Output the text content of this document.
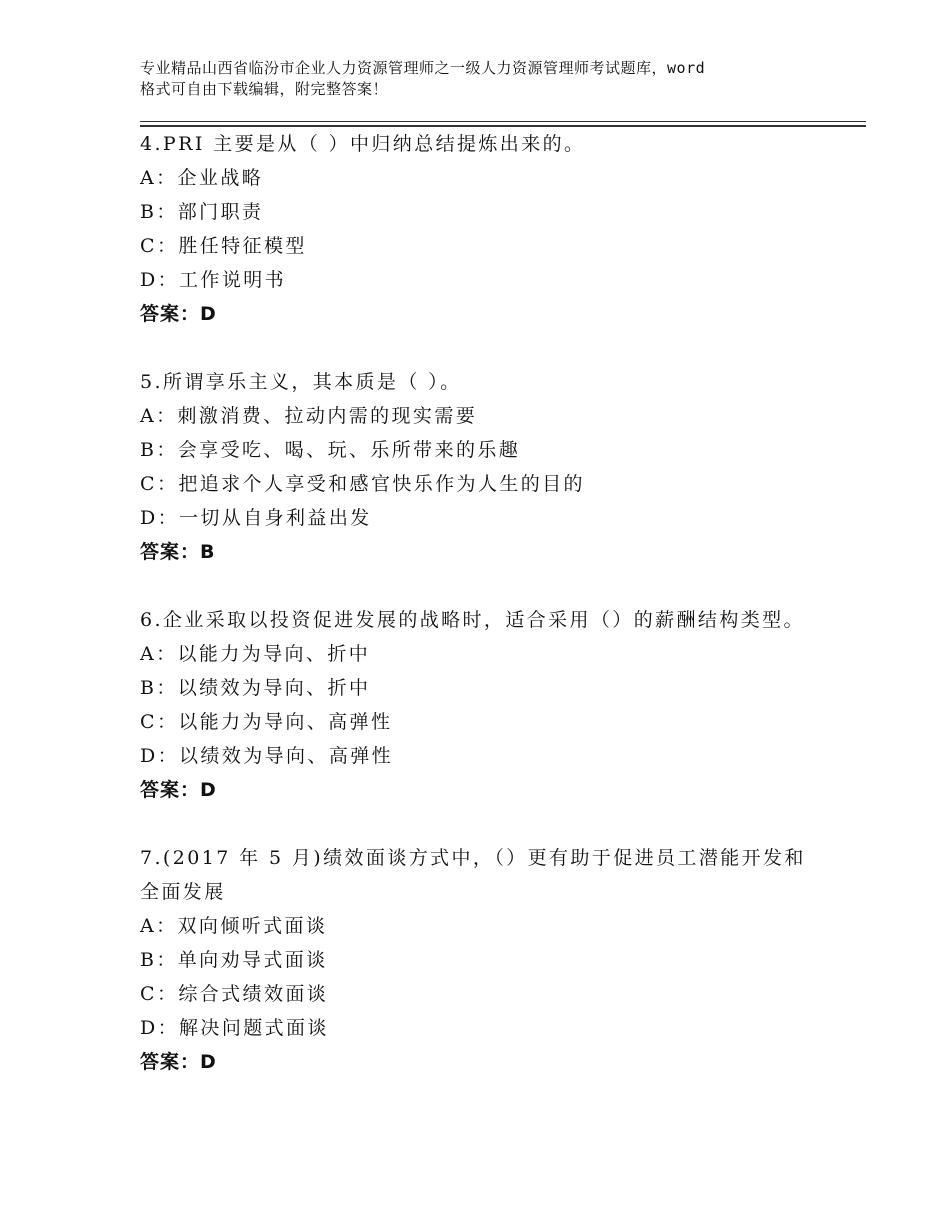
专业精品山西省临汾市企业人力资源管理师之一级人力资源管理师考试题库，word
格式可自由下载编辑，附完整答案！
4.PRI 主要是从（ ）中归纳总结提炼出来的。
A：企业战略
B：部门职责
C：胜任特征模型
D：工作说明书
答案：D
5.所谓享乐主义，其本质是（ ）。
A：刺激消费、拉动内需的现实需要
B：会享受吃、喝、玩、乐所带来的乐趣
C：把追求个人享受和感官快乐作为人生的目的
D：一切从自身利益出发
答案：B
6.企业采取以投资促进发展的战略时，适合采用（）的薪酬结构类型。
A：以能力为导向、折中
B：以绩效为导向、折中
C：以能力为导向、高弹性
D：以绩效为导向、高弹性
答案：D
7.(2017 年 5 月)绩效面谈方式中，（）更有助于促进员工潜能开发和全面发展
A：双向倾听式面谈
B：单向劝导式面谈
C：综合式绩效面谈
D：解决问题式面谈
答案：D
